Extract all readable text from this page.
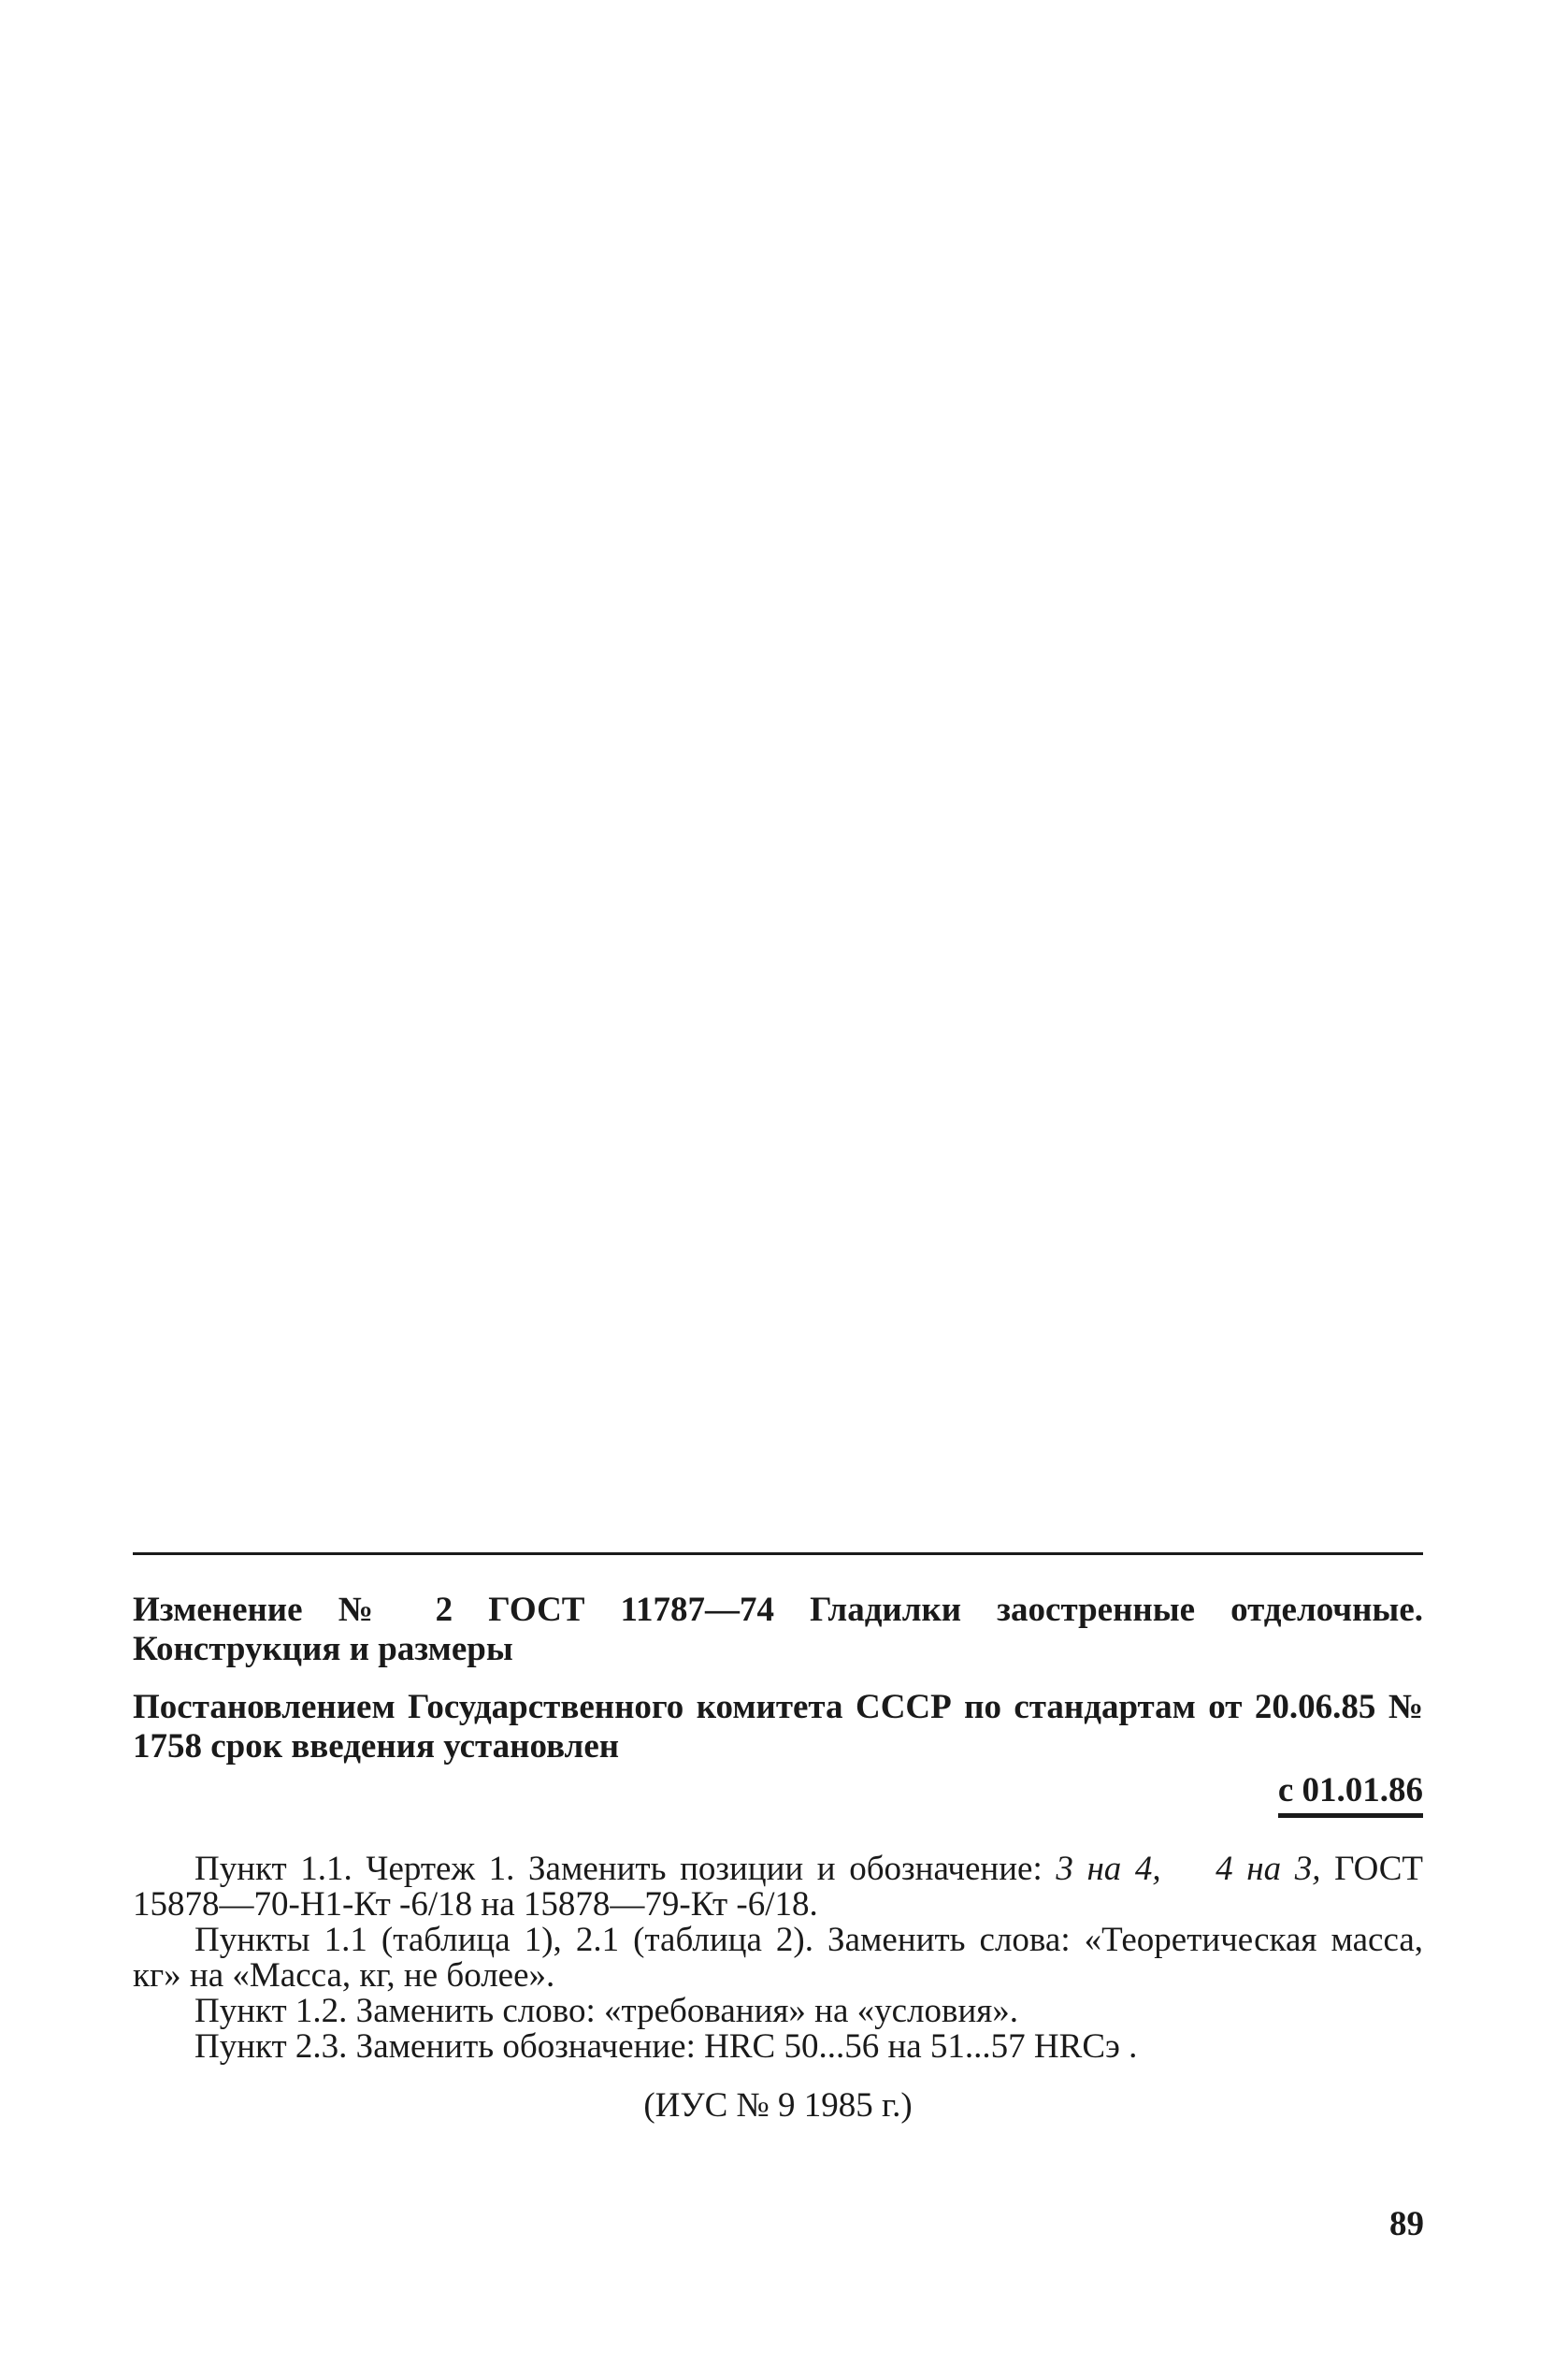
Изменение № 2 ГОСТ 11787—74 Гладилки заостренные отделочные. Конструкция и размеры

Постановлением Государственного комитета СССР по стандартам от 20.06.85 № 1758 срок введения установлен

с 01.01.86

Пункт 1.1. Чертеж 1. Заменить позиции и обозначение: 3 на 4, 4 на 3, ГОСТ 15878—70-Н1-Кт -6/18 на 15878—79-Кт -6/18.

Пункты 1.1 (таблица 1), 2.1 (таблица 2). Заменить слова: «Теоретическая масса, кг» на «Масса, кг, не более».

Пункт 1.2. Заменить слово: «требования» на «условия».

Пункт 2.3. Заменить обозначение: HRC 50...56 на 51...57 HRCэ .

(ИУС № 9 1985 г.)
89
